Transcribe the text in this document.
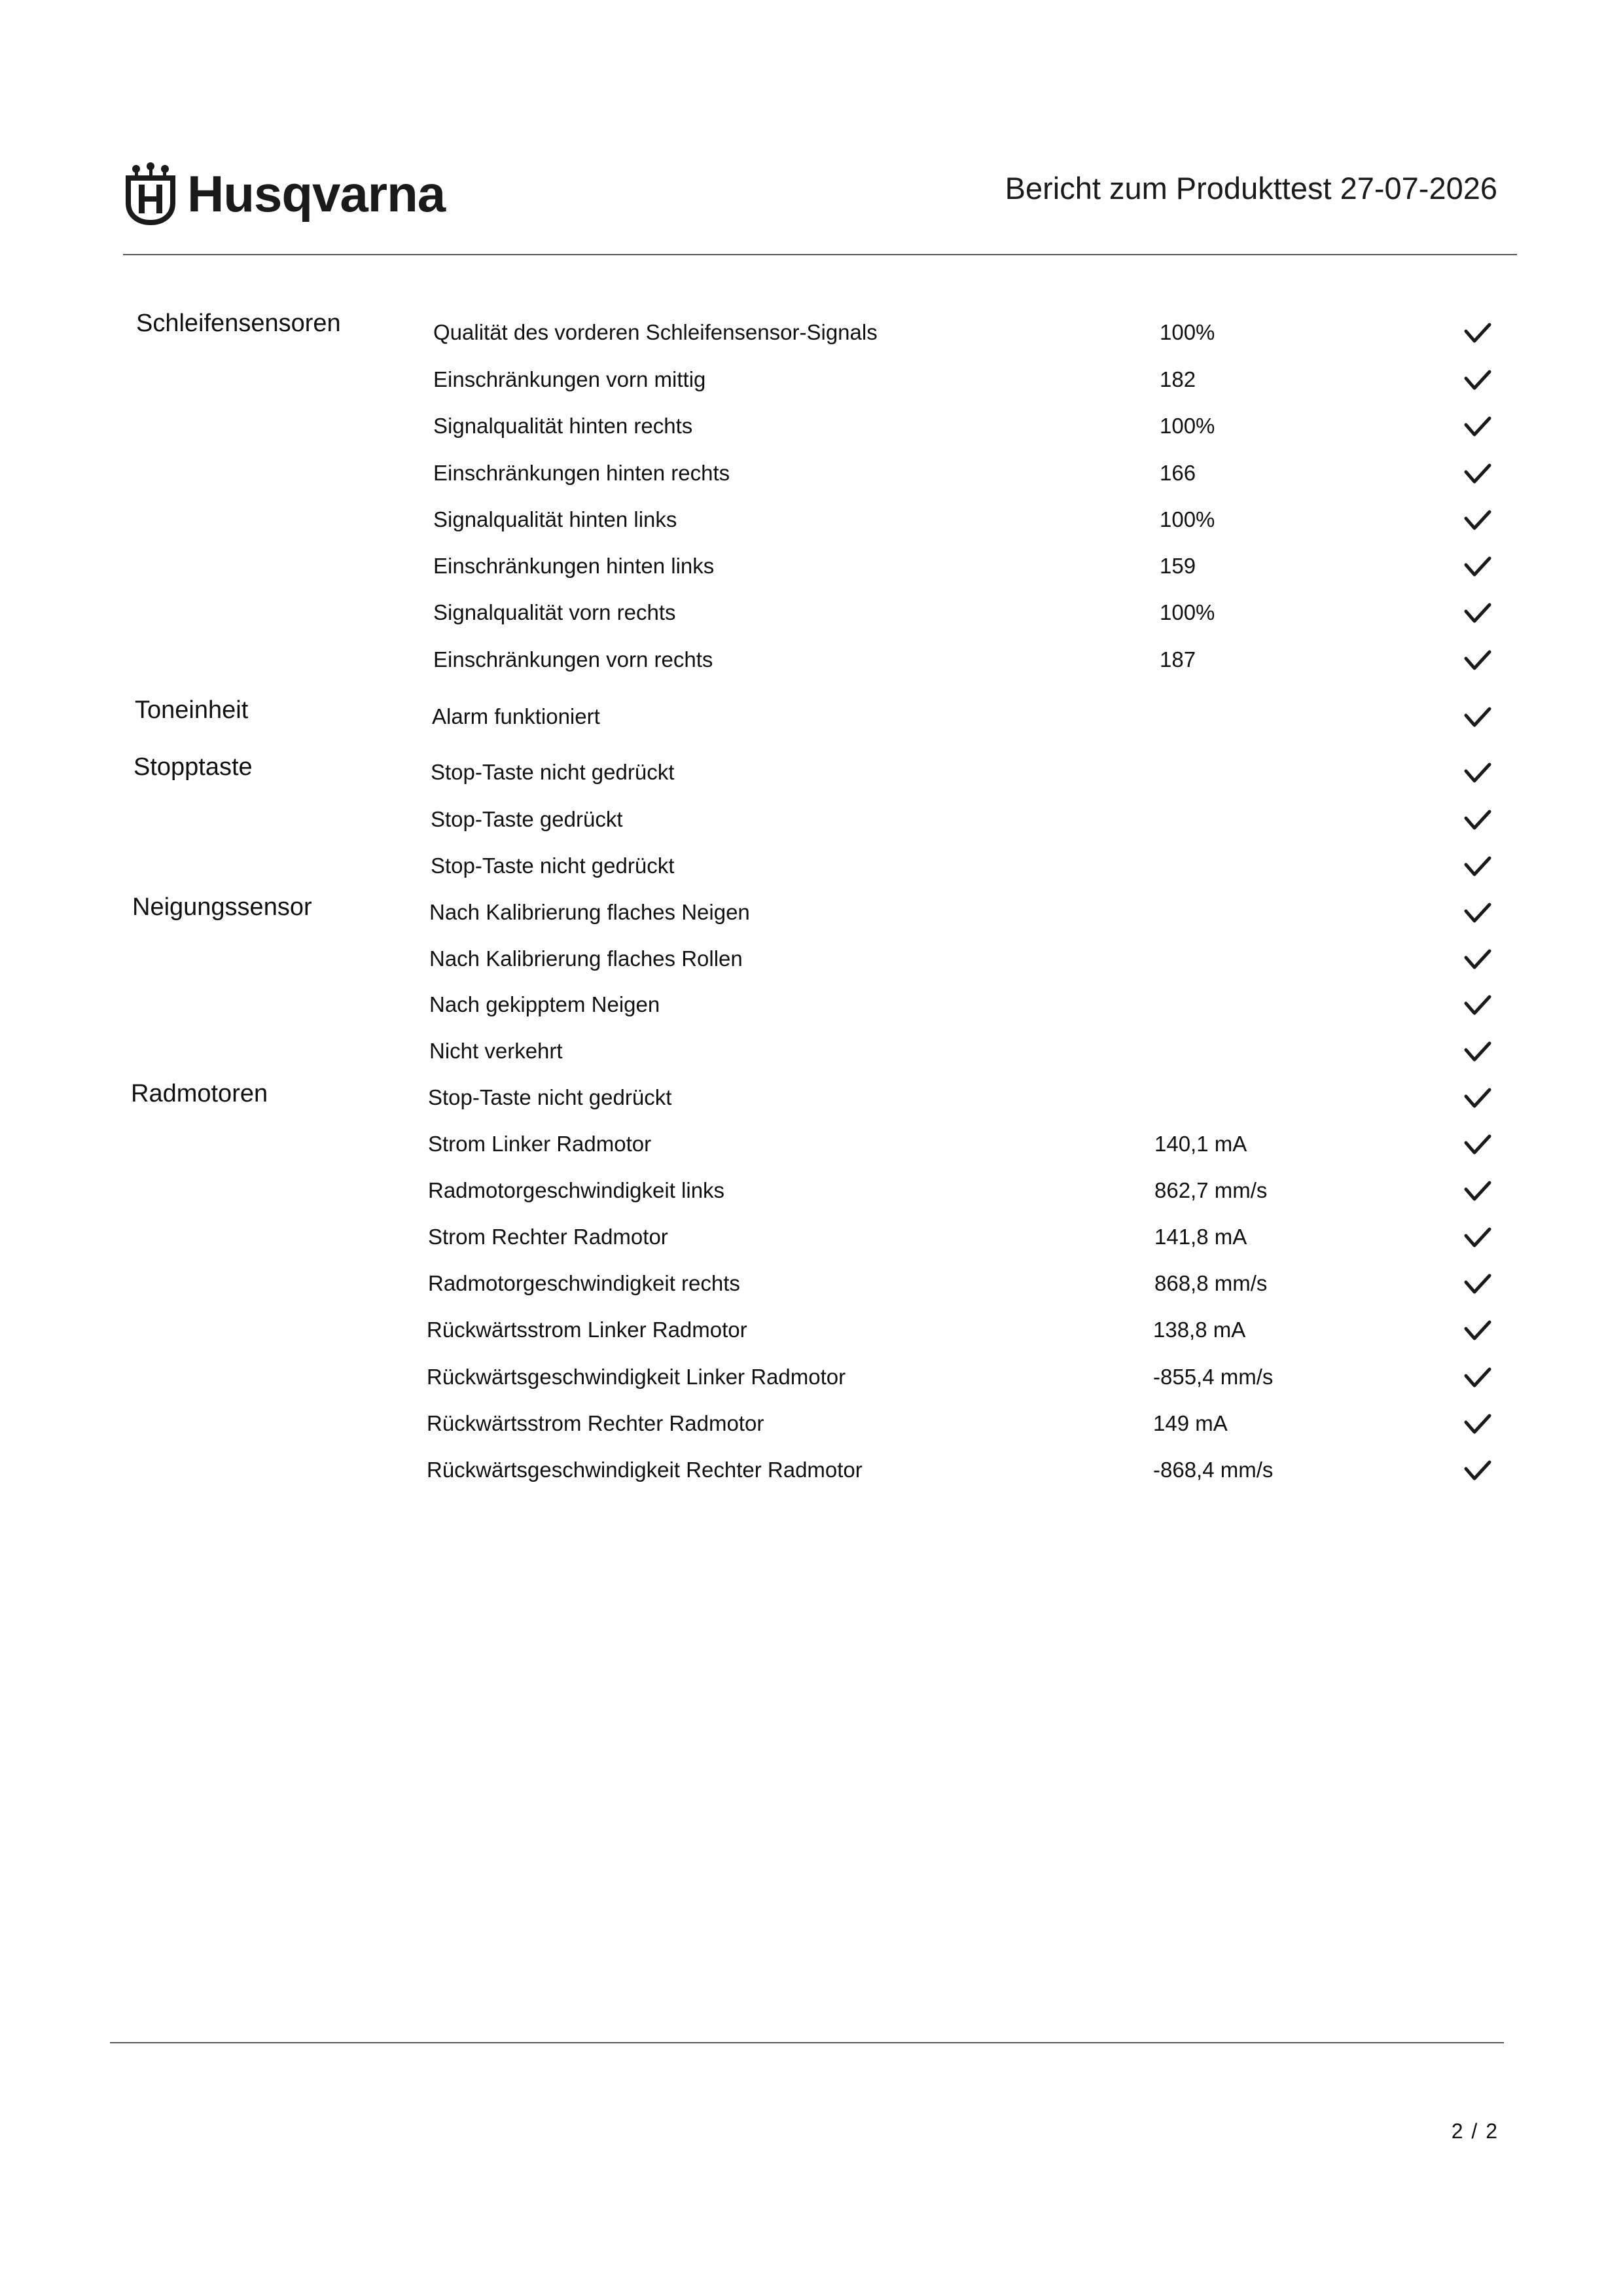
Husqvarna	Bericht zum Produkttest 27-07-2026
Schleifensensoren	Qualität des vorderen Schleifensensor-Signals	100%
Einschränkungen vorn mittig	182
Signalqualität hinten rechts	100%
Einschränkungen hinten rechts	166
Signalqualität hinten links	100%
Einschränkungen hinten links	159
Signalqualität vorn rechts	100%
Einschränkungen vorn rechts	187
Toneinheit	Alarm funktioniert
Stopptaste	Stop-Taste nicht gedrückt
Stop-Taste gedrückt
Stop-Taste nicht gedrückt
Neigungssensor	Nach Kalibrierung flaches Neigen
Nach Kalibrierung flaches Rollen
Nach gekipptem Neigen
Nicht verkehrt
Radmotoren	Stop-Taste nicht gedrückt
Strom Linker Radmotor	140,1 mA
Radmotorgeschwindigkeit links	862,7 mm/s
Strom Rechter Radmotor	141,8 mA
Radmotorgeschwindigkeit rechts	868,8 mm/s
Rückwärtsstrom Linker Radmotor	138,8 mA
Rückwärtsgeschwindigkeit Linker Radmotor	-855,4 mm/s
Rückwärtsstrom Rechter Radmotor	149 mA
Rückwärtsgeschwindigkeit Rechter Radmotor	-868,4 mm/s
2 / 2
